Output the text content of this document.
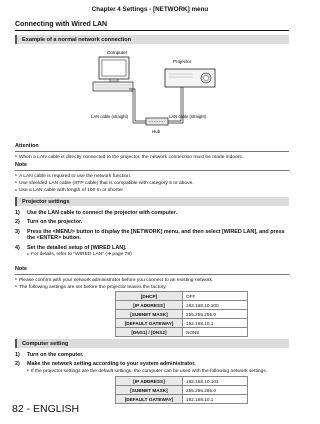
Chapter 4 Settings - [NETWORK] menu
Connecting with Wired LAN
Example of a normal network connection
Computer
Projector
LAN cable (straight)	LAN cable (straight)
Hub
Attention
● When a LAN cable is directly connected to the projector, the network connection must be made indoors.
Note
● A LAN cable is required to use the network function.
● Use shielded LAN cable (STP cable) that is compatible with category 5 or above.
● Use a LAN cable with length of 100 m or shorter.
Projector settings
1) Use the LAN cable to connect the projector with computer.
2) Turn on the projector.
3) Press the <MENU> button to display the [NETWORK] menu, and then select [WIRED LAN], and press
the <ENTER> button.
4) Set the detailed setup of [WIRED LAN].
● For details, refer to "WIRED LAN" (➜ page 79)
Note
● Please confirm with your network administrator before you connect to an existing network.
● The following settings are set before the projector leaves the factory.
[DHCP]	OFF
[IP ADDRESS]	192.168.10.100
[SUBNET MASK]	255.255.255.0
[DEFAULT GATEWAY]	192.168.10.1
[DNS1] / [DNS2]	NONE
Computer setting
1) Turn on the computer.
2) Make the network setting according to your system administrator.
● If the projector settings are the default settings, the computer can be used with the following network settings.
[IP ADDRESS]	192.168.10.101
[SUBNET MASK]	255.255.255.0
[DEFAULT GATEWAY]	192.168.10.1
82 - ENGLISH
